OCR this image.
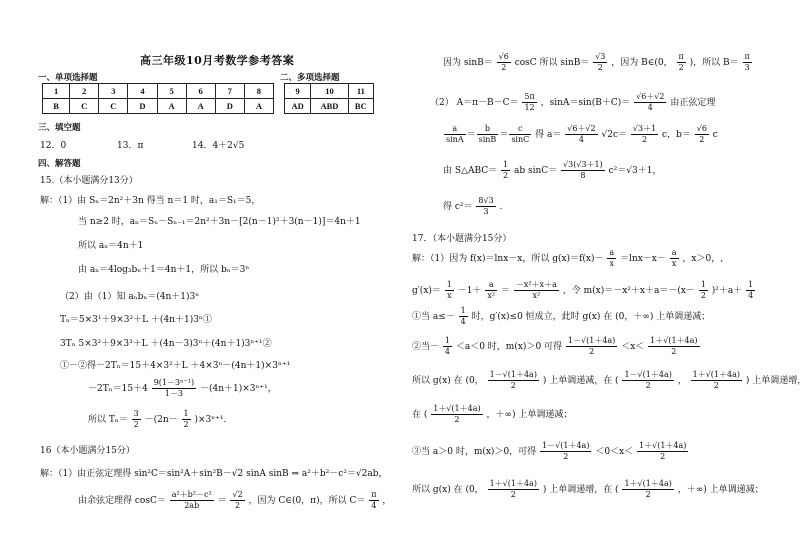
高三年级10月考数学参考答案
一、单项选择题	二、多项选择题
1	2	3	4	5	6	7	8
B	C	C	D	A	A	D	A
9	10	11
AD	ABD	BC
三、填空题
12．0	13．π	14．4＋2√5
四、解答题
15.（本小题满分13分）
解：（1）由 Sₙ＝2n²＋3n 得当 n＝1 时，a₁＝S₁＝5，
当 n≥2 时，aₙ＝Sₙ－Sₙ₋₁＝2n²＋3n－[2(n－1)²＋3(n－1)]＝4n＋1
所以 aₙ＝4n＋1
由 aₙ＝4log₃bₙ＋1＝4n＋1，所以 bₙ＝3ⁿ
（2）由（1）知 aₙbₙ＝(4n＋1)3ⁿ
Tₙ＝5×3¹＋9×3²＋L ＋(4n＋1)3ⁿ①
3Tₙ 5×3²＋9×3³＋L ＋(4n－3)3ⁿ＋(4n＋1)3ⁿ⁺¹②
①－②得－2Tₙ＝15＋4×3²＋L ＋4×3ⁿ－(4n＋1)×3ⁿ⁺¹
$-2T_n=15+4 \frac{\text{9(1－3ⁿ⁻¹)}}{1-3} -(4n+1)\times 3^{n+1}$，
所以 $T_n= \frac{3}{2} -(2n- \frac{1}{2} )\times 3^{n+1}$.
16（本小题满分15分）
解：（1）由正弦定理得 sin²C＝sin²A＋sin²B－√2 sinA sinB ⇒ a²＋b²－c²＝√2ab，
由余弦定理得 $\cos C= \frac{\text{a²＋b²－c²}}{2ab} = \frac{√2}{2}$ ，因为 C∈(0，π)，所以 $C= \frac{\pi}{4}$ ，
因为 $\sin B= \frac{√6}{2}$ cosC 所以 $\sin B= \frac{√3}{2}$ ，因为 B∈(0， $\frac{\pi}{2}$ )，所以 $B= \frac{\pi}{3}$
（2） $A=\pi-B-C= \frac{5\pi}{12}$ ，$\sin A=\sin(B+C)= \frac{√6+√2}{4}$ 由正弦定理
$\frac{a}{\sin A} = \frac{b}{\sin B} = \frac{c}{\sin C}$ 得 $a= \frac{√6+√2}{4} √2c= \frac{√3+1}{2}$ c，$b= \frac{√6}{2}$ c
由 S△ABC＝ $\frac{1}{2}$ ab $\sin C= \frac{√3(√3+1)}{8} c^2=√3+1$，
得 $c^2= \frac{8√3}{3}$ .
17．（本小题满分15分）
解：（1）因为 f(x)＝lnx－x，所以 $g(x)=f(x)- \frac{a}{x} =\ln x-x- \frac{a}{x}$ ，x＞0，,
$g'(x)= \frac{1}{x} -1+ \frac{a}{\text{x²}} = \frac{\text{－x²＋x＋a}}{\text{x²}}$ ，令 $m(x)=-x^2+x+a=-(x- \frac{1}{2} )^2+a+ \frac{1}{4}$
①当 $a\le- \frac{1}{4}$ 时，g′(x)≤0 恒成立，此时 g(x) 在 (0，＋∞) 上单调递减；
②当－ $\frac{1}{4} <a<0$ 时，m(x)＞0 可得 $\frac{1-√(1+4a)}{2} <x< \frac{1+√(1+4a)}{2}$
所以 g(x) 在 (0， $\frac{1-√(1+4a)}{2}$ ) 上单调递减，在 ( $\frac{1-√(1+4a)}{2}$ ， $\frac{1+√(1+4a)}{2}$ ) 上单调递增，
在 ( $\frac{1+√(1+4a)}{2}$ ，＋∞) 上单调递减；
③当 a＞0 时，m(x)＞0，可得 $\frac{1-√(1+4a)}{2} <0<x< \frac{1+√(1+4a)}{2}$
所以 g(x) 在 (0， $\frac{1+√(1+4a)}{2}$ ) 上单调递增，在 ( $\frac{1+√(1+4a)}{2}$ ，＋∞) 上单调递减；
